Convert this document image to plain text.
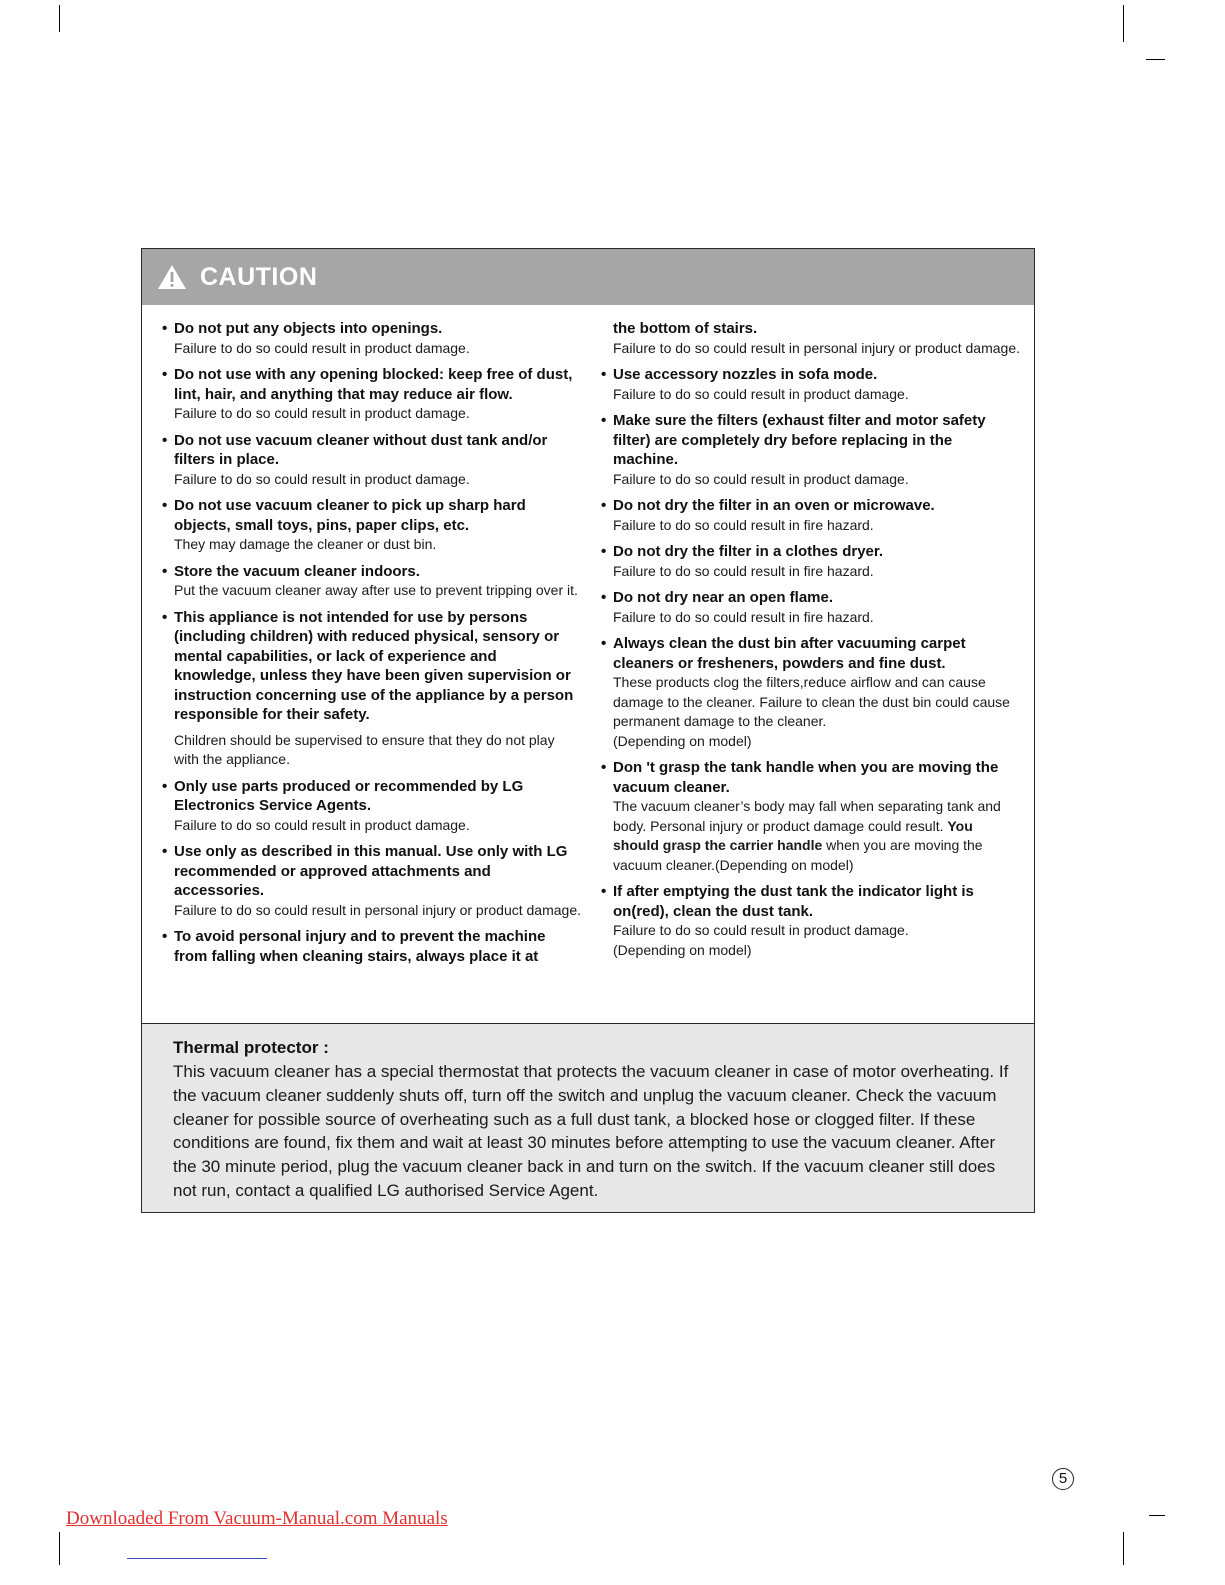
CAUTION
• Do not put any objects into openings.
Failure to do so could result in product damage.
• Do not use with any opening blocked: keep free of dust, lint, hair, and anything that may reduce air flow.
Failure to do so could result in product damage.
• Do not use vacuum cleaner without dust tank and/or filters in place.
Failure to do so could result in product damage.
• Do not use vacuum cleaner to pick up sharp hard objects, small toys, pins, paper clips, etc.
They may damage the cleaner or dust bin.
• Store the vacuum cleaner indoors.
Put the vacuum cleaner away after use to prevent tripping over it.
• This appliance is not intended for use by persons (including children) with reduced physical, sensory or mental capabilities, or lack of experience and knowledge, unless they have been given supervision or instruction concerning use of the appliance by a person responsible for their safety.
Children should be supervised to ensure that they do not play with the appliance.
• Only use parts produced or recommended by LG Electronics Service Agents.
Failure to do so could result in product damage.
• Use only as described in this manual. Use only with LG recommended or approved attachments and accessories.
Failure to do so could result in personal injury or product damage.
• To avoid personal injury and to prevent the machine from falling when cleaning stairs, always place it at
the bottom of stairs.
Failure to do so could result in personal injury or product damage.
• Use accessory nozzles in sofa mode.
Failure to do so could result in product damage.
• Make sure the filters (exhaust filter and motor safety filter) are completely dry before replacing in the machine.
Failure to do so could result in product damage.
• Do not dry the filter in an oven or microwave.
Failure to do so could result in fire hazard.
• Do not dry the filter in a clothes dryer.
Failure to do so could result in fire hazard.
• Do not dry near an open flame.
Failure to do so could result in fire hazard.
• Always clean the dust bin after vacuuming carpet cleaners or fresheners, powders and fine dust.
These products clog the filters,reduce airflow and can cause damage to the cleaner. Failure to clean the dust bin could cause permanent damage to the cleaner.
(Depending on model)
• Don 't grasp the tank handle when you are moving the vacuum cleaner.
The vacuum cleaner’s body may fall when separating tank and body. Personal injury or product damage could result. You should grasp the carrier handle when you are moving the vacuum cleaner.(Depending on model)
• If after emptying the dust tank the indicator light is on(red), clean the dust tank.
Failure to do so could result in product damage.
(Depending on model)
Thermal protector :
This vacuum cleaner has a special thermostat that protects the vacuum cleaner in case of motor overheating. If the vacuum cleaner suddenly shuts off, turn off the switch and unplug the vacuum cleaner. Check the vacuum cleaner for possible source of overheating such as a full dust tank, a blocked hose or clogged filter. If these conditions are found, fix them and wait at least 30 minutes before attempting to use the vacuum cleaner. After the 30 minute period, plug the vacuum cleaner back in and turn on the switch. If the vacuum cleaner still does not run, contact a qualified LG authorised Service Agent.
5
Downloaded From Vacuum-Manual.com Manuals
